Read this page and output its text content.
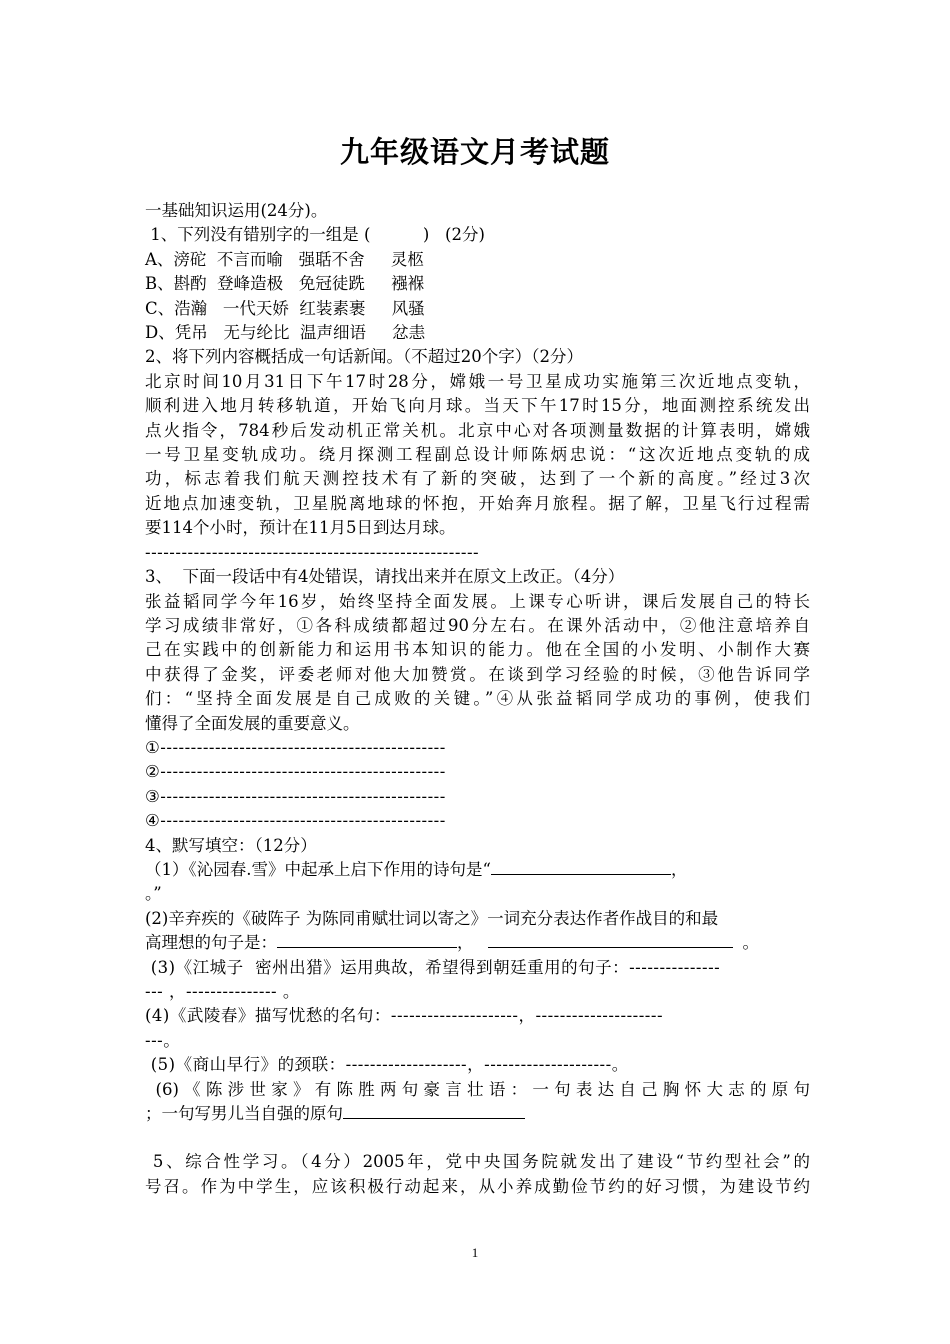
九年级语文月考试题
一基础知识运用(24分)。
1、下列没有错别字的一组是 (          )   (2分)
A、滂砣  不言而喻   强聒不舍     灵柩
B、斟酌  登峰造极   免冠徒跣     襁褓
C、浩瀚   一代天娇  红装素裹     风骚
D、凭吊   无与纶比  温声细语     忿恚
2、将下列内容概括成一句话新闻。（不超过20个字）（2分）
北京时间10月31日下午17时28分，嫦娥一号卫星成功实施第三次近地点变轨，
顺利进入地月转移轨道，开始飞向月球。当天下午17时15分，地面测控系统发出
点火指令，784秒后发动机正常关机。北京中心对各项测量数据的计算表明，嫦娥
一号卫星变轨成功。绕月探测工程副总设计师陈炳忠说：“这次近地点变轨的成
功，标志着我们航天测控技术有了新的突破，达到了一个新的高度。”经过3次
近地点加速变轨，卫星脱离地球的怀抱，开始奔月旅程。据了解，卫星飞行过程需
要114个小时，预计在11月5日到达月球。
-------------------------------------------------------
3、  下面一段话中有4处错误，请找出来并在原文上改正。（4分）
张益韬同学今年16岁，始终坚持全面发展。上课专心听讲，课后发展自己的特长
学习成绩非常好，①各科成绩都超过90分左右。在课外活动中，②他注意培养自
己在实践中的创新能力和运用书本知识的能力。他在全国的小发明、小制作大赛
中获得了金奖，评委老师对他大加赞赏。在谈到学习经验的时候，③他告诉同学
们：“坚持全面发展是自己成败的关键。”④从张益韬同学成功的事例，使我们
懂得了全面发展的重要意义。
①-----------------------------------------------
②-----------------------------------------------
③-----------------------------------------------
④-----------------------------------------------
4、默写填空：（12分）
（1）《沁园春.雪》中起承上启下作用的诗句是“	，
。”
(2)辛弃疾的《破阵子 为陈同甫赋壮词以寄之》一词充分表达作者作战目的和最
高理想的句子是：	，	。
(3)《江城子  密州出猎》运用典故，希望得到朝廷重用的句子：---------------
--- ，--------------- 。
(4)《武陵春》描写忧愁的名句：---------------------，---------------------
---。
(5)《商山早行》的颈联：--------------------，---------------------。
(6)《陈涉世家》有陈胜两句豪言壮语：一句表达自己胸怀大志的原句
；一句写男儿当自强的原句
5、综合性学习。（4分）2005年，党中央国务院就发出了建设“节约型社会”的
号召。作为中学生，应该积极行动起来，从小养成勤俭节约的好习惯，为建设节约
1
